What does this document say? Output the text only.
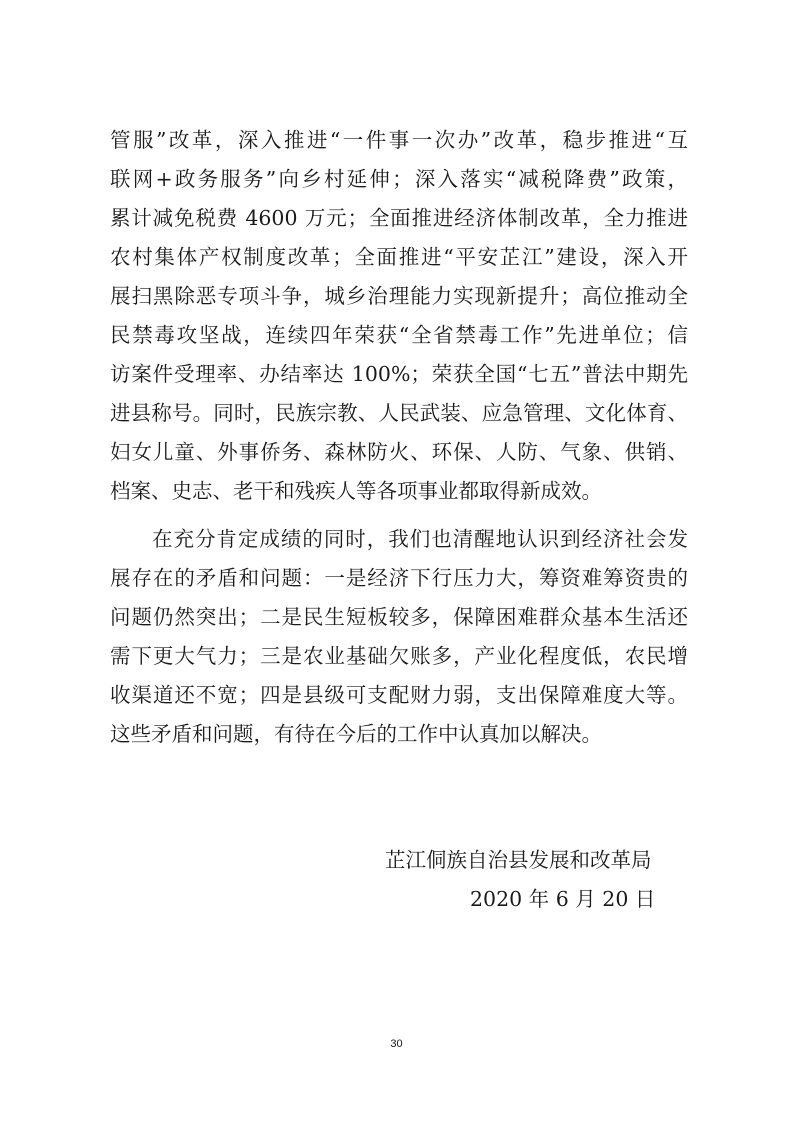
管服”改革，深入推进“一件事一次办”改革，稳步推进“互
联网+政务服务”向乡村延伸；深入落实“减税降费”政策，
累计减免税费 4600 万元；全面推进经济体制改革，全力推进
农村集体产权制度改革；全面推进“平安芷江”建设，深入开
展扫黑除恶专项斗争，城乡治理能力实现新提升；高位推动全
民禁毒攻坚战，连续四年荣获“全省禁毒工作”先进单位；信
访案件受理率、办结率达 100%；荣获全国“七五”普法中期先
进县称号。同时，民族宗教、人民武装、应急管理、文化体育、
妇女儿童、外事侨务、森林防火、环保、人防、气象、供销、
档案、史志、老干和残疾人等各项事业都取得新成效。
在充分肯定成绩的同时，我们也清醒地认识到经济社会发
展存在的矛盾和问题：一是经济下行压力大，筹资难筹资贵的
问题仍然突出；二是民生短板较多，保障困难群众基本生活还
需下更大气力；三是农业基础欠账多，产业化程度低，农民增
收渠道还不宽；四是县级可支配财力弱，支出保障难度大等。
这些矛盾和问题，有待在今后的工作中认真加以解决。
芷江侗族自治县发展和改革局
2020 年 6 月 20 日
30
